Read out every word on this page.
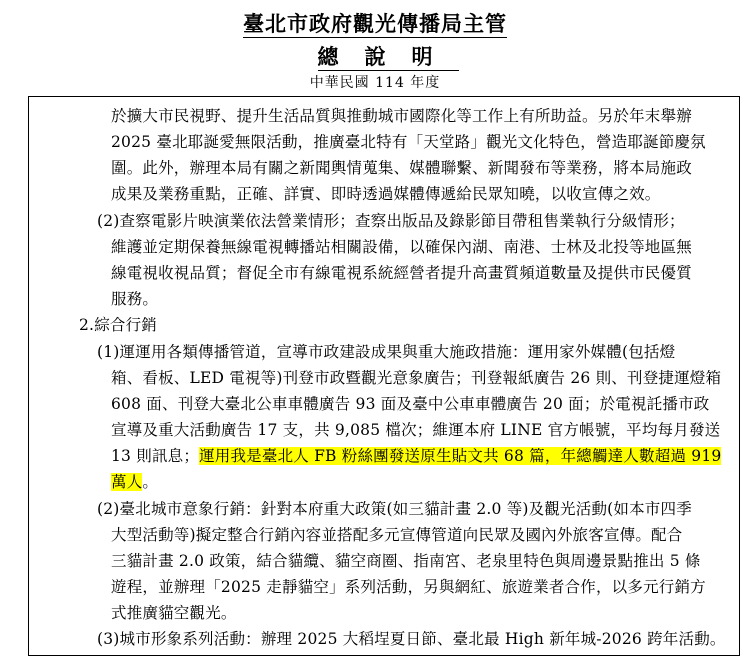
臺北市政府觀光傳播局主管
總說明
中華民國 114 年度
於擴大市民視野、提升生活品質與推動城市國際化等工作上有所助益。另於年末舉辦
2025 臺北耶誕愛無限活動，推廣臺北特有「天堂路」觀光文化特色，營造耶誕節慶氛
圍。此外，辦理本局有關之新聞輿情蒐集、媒體聯繫、新聞發布等業務，將本局施政
成果及業務重點，正確、詳實、即時透過媒體傳遞給民眾知曉，以收宣傳之效。
(2)查察電影片映演業依法營業情形；查察出版品及錄影節目帶租售業執行分級情形；
維護並定期保養無線電視轉播站相關設備，以確保內湖、南港、士林及北投等地區無
線電視收視品質；督促全市有線電視系統經營者提升高畫質頻道數量及提供市民優質
服務。
2.綜合行銷
(1)運運用各類傳播管道，宣導市政建設成果與重大施政措施：運用家外媒體(包括燈
箱、看板、LED 電視等)刊登市政暨觀光意象廣告；刊登報紙廣告 26 則、刊登捷運燈箱
608 面、刊登大臺北公車車體廣告 93 面及臺中公車車體廣告 20 面；於電視託播市政
宣導及重大活動廣告 17 支，共 9,085 檔次；維運本府 LINE 官方帳號，平均每月發送
13 則訊息；運用我是臺北人 FB 粉絲團發送原生貼文共 68 篇，年總觸達人數超過 919
萬人。
(2)臺北城市意象行銷：針對本府重大政策(如三貓計畫 2.0 等)及觀光活動(如本市四季
大型活動等)擬定整合行銷內容並搭配多元宣傳管道向民眾及國內外旅客宣傳。配合
三貓計畫 2.0 政策，結合貓纜、貓空商圈、指南宮、老泉里特色與周邊景點推出 5 條
遊程，並辦理「2025 走靜貓空」系列活動，另與網紅、旅遊業者合作，以多元行銷方
式推廣貓空觀光。
(3)城市形象系列活動：辦理 2025 大稻埕夏日節、臺北最 High 新年城-2026 跨年活動。
